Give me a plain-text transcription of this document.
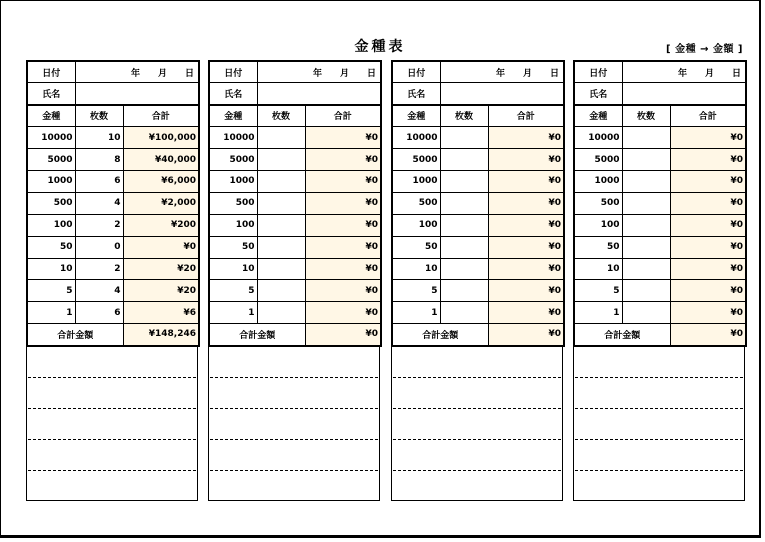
金種表	[ 金種 → 金額 ]
日付	年 月 日	
氏名		
金種	枚数	合計
10000	10	¥100,000
5000	8	¥40,000
1000	6	¥6,000
500	4	¥2,000
100	2	¥200
50	0	¥0
10	2	¥20
5	4	¥20
1	6	¥6
合計金額		¥148,246
日付	年 月 日	
氏名		
金種	枚数	合計
10000		¥0
5000		¥0
1000		¥0
500		¥0
100		¥0
50		¥0
10		¥0
5		¥0
1		¥0
合計金額		¥0
日付	年 月 日	
氏名		
金種	枚数	合計
10000		¥0
5000		¥0
1000		¥0
500		¥0
100		¥0
50		¥0
10		¥0
5		¥0
1		¥0
合計金額		¥0
日付	年 月 日	
氏名		
金種	枚数	合計
10000		¥0
5000		¥0
1000		¥0
500		¥0
100		¥0
50		¥0
10		¥0
5		¥0
1		¥0
合計金額		¥0
